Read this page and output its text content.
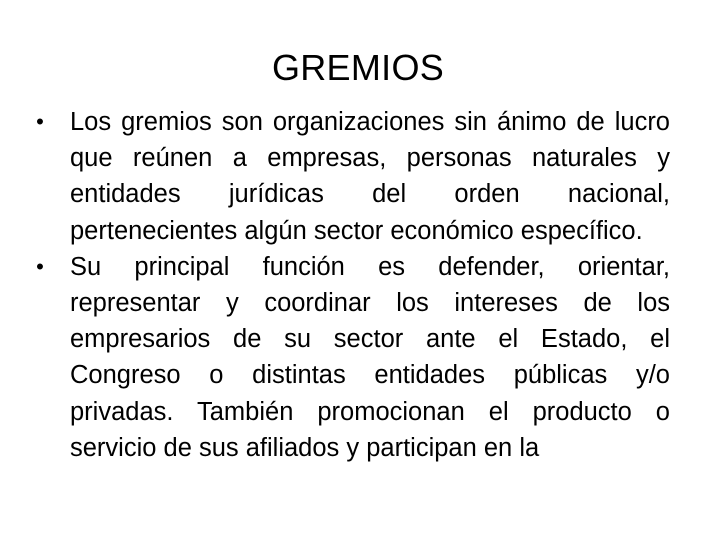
GREMIOS
• Los gremios son organizaciones sin ánimo de lucro que reúnen a empresas, personas naturales y entidades jurídicas del orden nacional, pertenecientes algún sector económico específico.
• Su principal función es defender, orientar, representar y coordinar los intereses de los empresarios de su sector ante el Estado, el Congreso o distintas entidades públicas y/o privadas. También promocionan el producto o servicio de sus afiliados y participan en la
